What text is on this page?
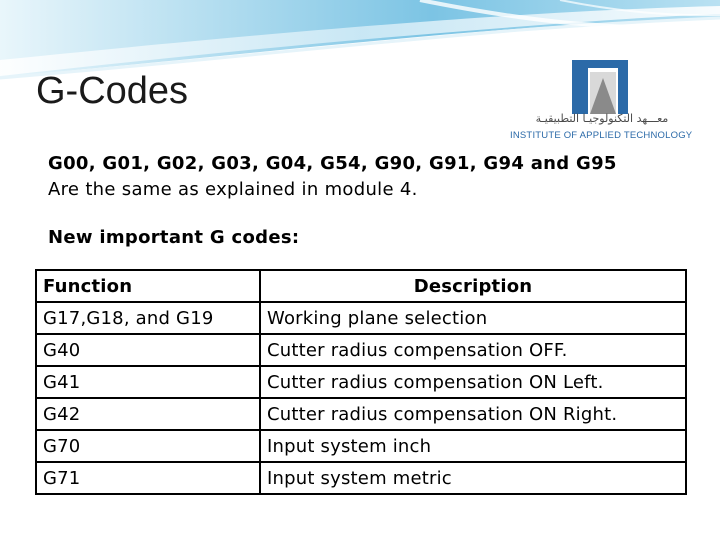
G-Codes
معـــهد التكنولوجيـا التطبيقيـة
INSTITUTE OF APPLIED TECHNOLOGY
G00, G01, G02, G03, G04, G54, G90, G91, G94 and G95
Are the same as explained in module 4.
New important G codes:
Function	Description
G17,G18, and G19	Working plane selection
G40	Cutter radius compensation OFF.
G41	Cutter radius compensation ON Left.
G42	Cutter radius compensation ON Right.
G70	Input system inch
G71	Input system metric
